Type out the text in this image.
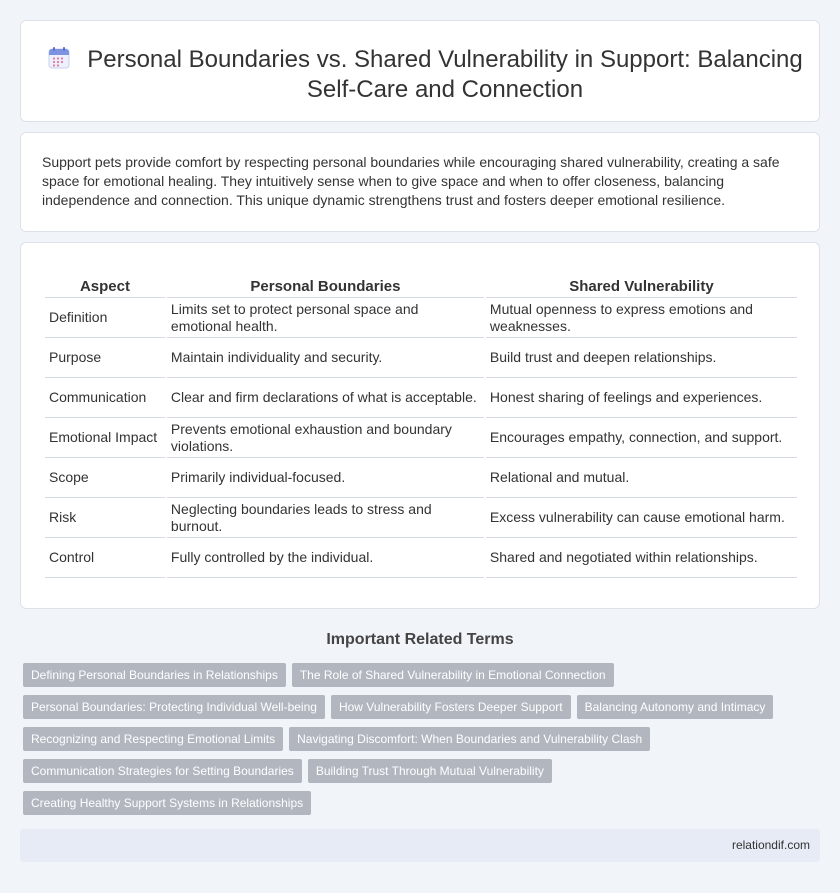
Personal Boundaries vs. Shared Vulnerability in Support: Balancing Self-Care and Connection

Support pets provide comfort by respecting personal boundaries while encouraging shared vulnerability, creating a safe space for emotional healing. They intuitively sense when to give space and when to offer closeness, balancing independence and connection. This unique dynamic strengthens trust and fosters deeper emotional resilience.

Aspect	Personal Boundaries	Shared Vulnerability
Definition	Limits set to protect personal space and emotional health.	Mutual openness to express emotions and weaknesses.
Purpose	Maintain individuality and security.	Build trust and deepen relationships.
Communication	Clear and firm declarations of what is acceptable.	Honest sharing of feelings and experiences.
Emotional Impact	Prevents emotional exhaustion and boundary violations.	Encourages empathy, connection, and support.
Scope	Primarily individual-focused.	Relational and mutual.
Risk	Neglecting boundaries leads to stress and burnout.	Excess vulnerability can cause emotional harm.
Control	Fully controlled by the individual.	Shared and negotiated within relationships.
Important Related Terms
Defining Personal Boundaries in Relationships The Role of Shared Vulnerability in Emotional Connection
Personal Boundaries: Protecting Individual Well-being How Vulnerability Fosters Deeper Support Balancing Autonomy and Intimacy
Recognizing and Respecting Emotional Limits Navigating Discomfort: When Boundaries and Vulnerability Clash
Communication Strategies for Setting Boundaries Building Trust Through Mutual Vulnerability
Creating Healthy Support Systems in Relationships
relationdif.com
